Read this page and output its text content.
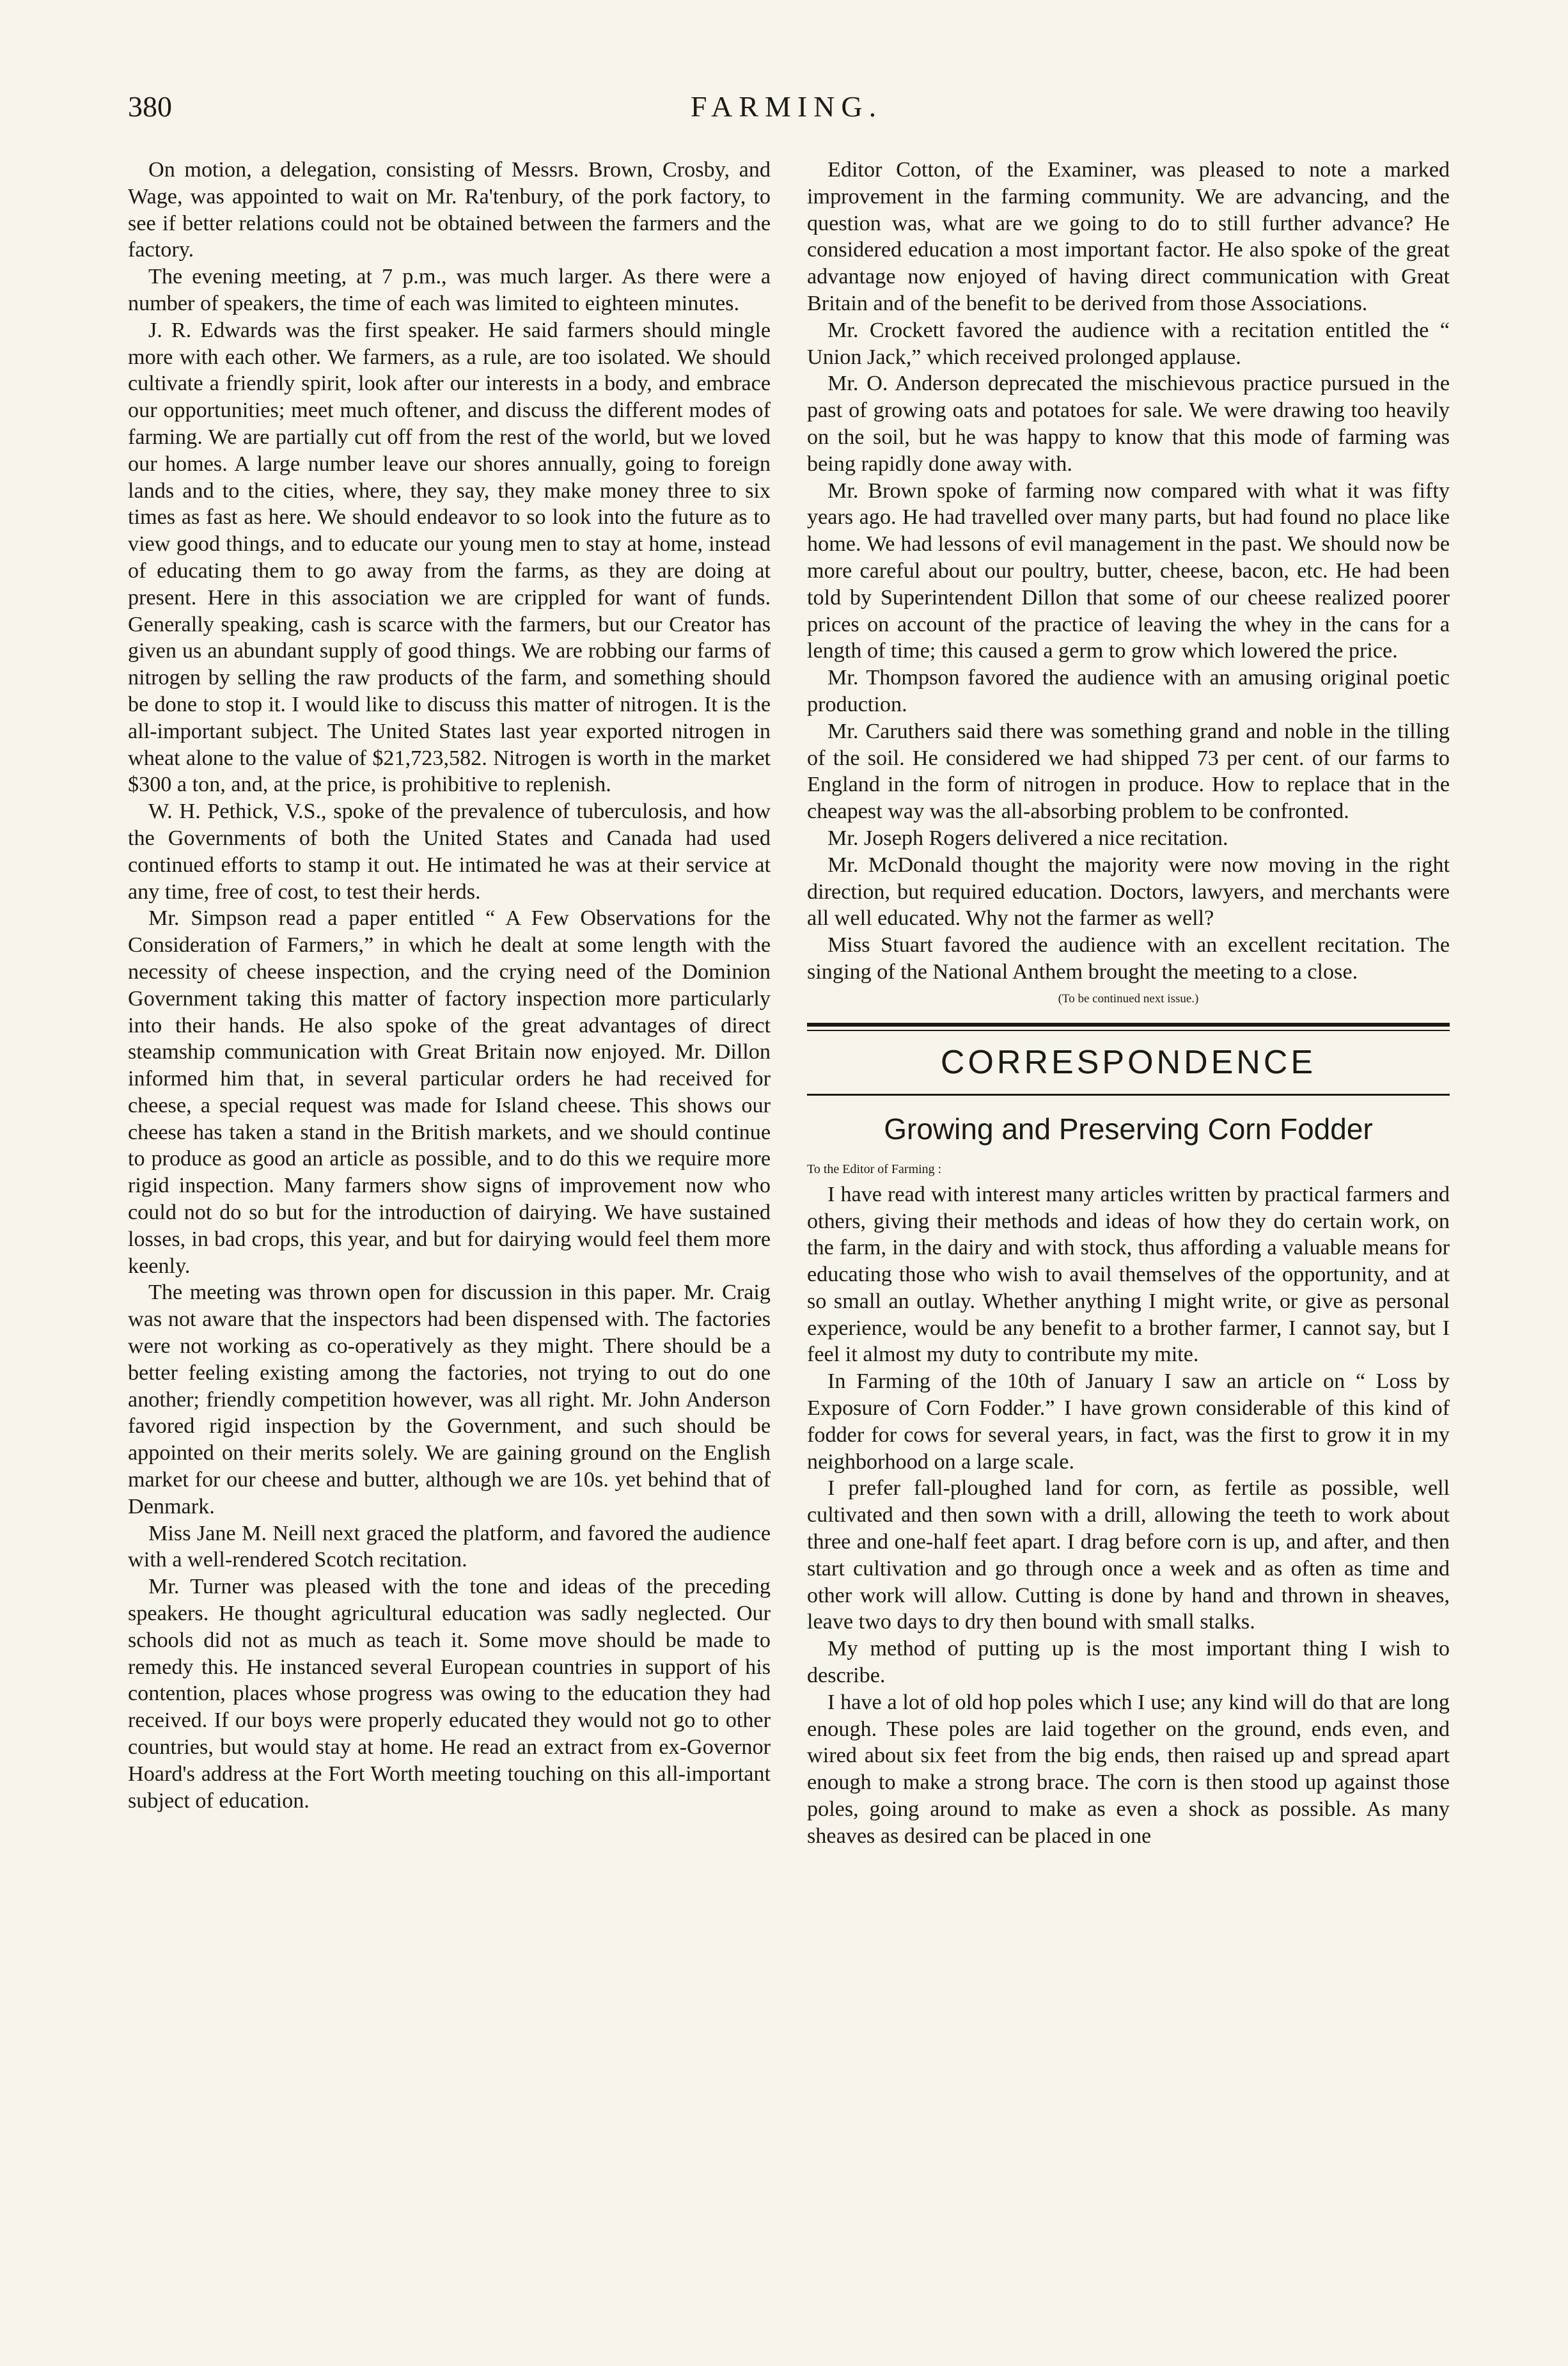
380	FARMING.

On motion, a delegation, consisting of Messrs. Brown, Crosby, and Wage, was appointed to wait on Mr. Ra'tenbury, of the pork factory, to see if better relations could not be obtained between the farmers and the factory.

The evening meeting, at 7 p.m., was much larger. As there were a number of speakers, the time of each was limited to eighteen minutes.

J. R. Edwards was the first speaker. He said farmers should mingle more with each other. We farmers, as a rule, are too isolated. We should cultivate a friendly spirit, look after our interests in a body, and embrace our opportunities; meet much oftener, and discuss the different modes of farming. We are partially cut off from the rest of the world, but we loved our homes. A large number leave our shores annually, going to foreign lands and to the cities, where, they say, they make money three to six times as fast as here. We should endeavor to so look into the future as to view good things, and to educate our young men to stay at home, instead of educating them to go away from the farms, as they are doing at present. Here in this association we are crippled for want of funds. Generally speaking, cash is scarce with the farmers, but our Creator has given us an abundant supply of good things. We are robbing our farms of nitrogen by selling the raw products of the farm, and something should be done to stop it. I would like to discuss this matter of nitrogen. It is the all-important subject. The United States last year exported nitrogen in wheat alone to the value of $21,723,582. Nitrogen is worth in the market $300 a ton, and, at the price, is prohibitive to replenish.

W. H. Pethick, V.S., spoke of the prevalence of tuberculosis, and how the Governments of both the United States and Canada had used continued efforts to stamp it out. He intimated he was at their service at any time, free of cost, to test their herds.

Mr. Simpson read a paper entitled “ A Few Observations for the Consideration of Farmers,” in which he dealt at some length with the necessity of cheese inspection, and the crying need of the Dominion Government taking this matter of factory inspection more particularly into their hands. He also spoke of the great advantages of direct steamship communication with Great Britain now enjoyed. Mr. Dillon informed him that, in several particular orders he had received for cheese, a special request was made for Island cheese. This shows our cheese has taken a stand in the British markets, and we should continue to produce as good an article as possible, and to do this we require more rigid inspection. Many farmers show signs of improvement now who could not do so but for the introduction of dairying. We have sustained losses, in bad crops, this year, and but for dairying would feel them more keenly.

The meeting was thrown open for discussion in this paper. Mr. Craig was not aware that the inspectors had been dispensed with. The factories were not working as co-operatively as they might. There should be a better feeling existing among the factories, not trying to out do one another; friendly competition however, was all right. Mr. John Anderson favored rigid inspection by the Government, and such should be appointed on their merits solely. We are gaining ground on the English market for our cheese and butter, although we are 10s. yet behind that of Denmark.

Miss Jane M. Neill next graced the platform, and favored the audience with a well-rendered Scotch recitation.

Mr. Turner was pleased with the tone and ideas of the preceding speakers. He thought agricultural education was sadly neglected. Our schools did not as much as teach it. Some move should be made to remedy this. He instanced several European countries in support of his contention, places whose progress was owing to the education they had received. If our boys were properly educated they would not go to other countries, but would stay at home. He read an extract from ex-Governor Hoard's address at the Fort Worth meeting touching on this all-important subject of education.

Editor Cotton, of the Examiner, was pleased to note a marked improvement in the farming community. We are advancing, and the question was, what are we going to do to still further advance? He considered education a most important factor. He also spoke of the great advantage now enjoyed of having direct communication with Great Britain and of the benefit to be derived from those Associations.

Mr. Crockett favored the audience with a recitation entitled the “ Union Jack,” which received prolonged applause.

Mr. O. Anderson deprecated the mischievous practice pursued in the past of growing oats and potatoes for sale. We were drawing too heavily on the soil, but he was happy to know that this mode of farming was being rapidly done away with.

Mr. Brown spoke of farming now compared with what it was fifty years ago. He had travelled over many parts, but had found no place like home. We had lessons of evil management in the past. We should now be more careful about our poultry, butter, cheese, bacon, etc. He had been told by Superintendent Dillon that some of our cheese realized poorer prices on account of the practice of leaving the whey in the cans for a length of time; this caused a germ to grow which lowered the price.

Mr. Thompson favored the audience with an amusing original poetic production.

Mr. Caruthers said there was something grand and noble in the tilling of the soil. He considered we had shipped 73 per cent. of our farms to England in the form of nitrogen in produce. How to replace that in the cheapest way was the all-absorbing problem to be confronted.

Mr. Joseph Rogers delivered a nice recitation.

Mr. McDonald thought the majority were now moving in the right direction, but required education. Doctors, lawyers, and merchants were all well educated. Why not the farmer as well?

Miss Stuart favored the audience with an excellent recitation. The singing of the National Anthem brought the meeting to a close.

(To be continued next issue.)

CORRESPONDENCE
Growing and Preserving Corn Fodder

To the Editor of Farming :

I have read with interest many articles written by practical farmers and others, giving their methods and ideas of how they do certain work, on the farm, in the dairy and with stock, thus affording a valuable means for educating those who wish to avail themselves of the opportunity, and at so small an outlay. Whether anything I might write, or give as personal experience, would be any benefit to a brother farmer, I cannot say, but I feel it almost my duty to contribute my mite.

In Farming of the 10th of January I saw an article on “ Loss by Exposure of Corn Fodder.” I have grown considerable of this kind of fodder for cows for several years, in fact, was the first to grow it in my neighborhood on a large scale.

I prefer fall-ploughed land for corn, as fertile as possible, well cultivated and then sown with a drill, allowing the teeth to work about three and one-half feet apart. I drag before corn is up, and after, and then start cultivation and go through once a week and as often as time and other work will allow. Cutting is done by hand and thrown in sheaves, leave two days to dry then bound with small stalks.

My method of putting up is the most important thing I wish to describe.

I have a lot of old hop poles which I use; any kind will do that are long enough. These poles are laid together on the ground, ends even, and wired about six feet from the big ends, then raised up and spread apart enough to make a strong brace. The corn is then stood up against those poles, going around to make as even a shock as possible. As many sheaves as desired can be placed in one
